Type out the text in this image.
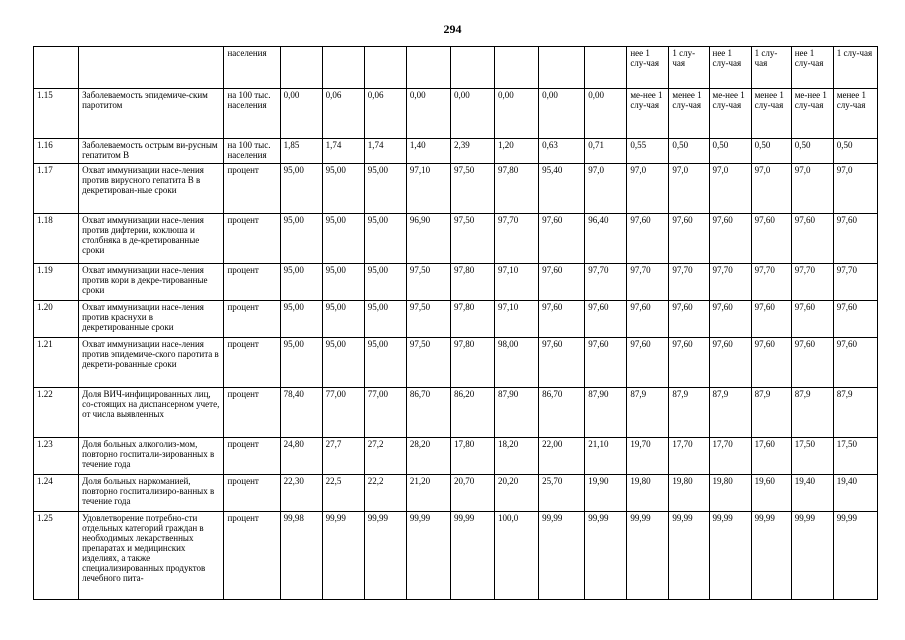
294
		населения									нее 1 слу-чая	1 слу-чая	нее 1 слу-чая	1 слу-чая	нее 1 слу-чая	1 слу-чая
1.15	Заболеваемость эпидемиче-ским паротитом	на 100 тыс. населения	0,00	0,06	0,06	0,00	0,00	0,00	0,00	0,00	ме-нее 1 слу-чая	менее 1 слу-чая	ме-нее 1 слу-чая	менее 1 слу-чая	ме-нее 1 слу-чая	менее 1 слу-чая
1.16	Заболеваемость острым ви-русным гепатитом В	на 100 тыс. населения	1,85	1,74	1,74	1,40	2,39	1,20	0,63	0,71	0,55	0,50	0,50	0,50	0,50	0,50
1.17	Охват иммунизации насе-ления против вирусного гепатита В в декретирован-ные сроки	процент	95,00	95,00	95,00	97,10	97,50	97,80	95,40	97,0	97,0	97,0	97,0	97,0	97,0	97,0
1.18	Охват иммунизации насе-ления против дифтерии, коклюша и столбняка в де-кретированные сроки	процент	95,00	95,00	95,00	96,90	97,50	97,70	97,60	96,40	97,60	97,60	97,60	97,60	97,60	97,60
1.19	Охват иммунизации насе-ления против кори в декре-тированные сроки	процент	95,00	95,00	95,00	97,50	97,80	97,10	97,60	97,70	97,70	97,70	97,70	97,70	97,70	97,70
1.20	Охват иммунизации насе-ления против краснухи в декретированные сроки	процент	95,00	95,00	95,00	97,50	97,80	97,10	97,60	97,60	97,60	97,60	97,60	97,60	97,60	97,60
1.21	Охват иммунизации насе-ления против эпидемиче-ского паротита в декрети-рованные сроки	процент	95,00	95,00	95,00	97,50	97,80	98,00	97,60	97,60	97,60	97,60	97,60	97,60	97,60	97,60
1.22	Доля ВИЧ-инфицированных лиц, со-стоящих на диспансерном учете, от числа выявленных	процент	78,40	77,00	77,00	86,70	86,20	87,90	86,70	87,90	87,9	87,9	87,9	87,9	87,9	87,9
1.23	Доля больных алкоголиз-мом, повторно госпитали-зированных в течение года	процент	24,80	27,7	27,2	28,20	17,80	18,20	22,00	21,10	19,70	17,70	17,70	17,60	17,50	17,50
1.24	Доля больных наркоманией, повторно госпитализиро-ванных в течение года	процент	22,30	22,5	22,2	21,20	20,70	20,20	25,70	19,90	19,80	19,80	19,80	19,60	19,40	19,40
1.25	Удовлетворение потребно-сти отдельных категорий граждан в необходимых лекарственных препаратах и медицинских изделиях, а также специализированных продуктов лечебного пита-	процент	99,98	99,99	99,99	99,99	99,99	100,0	99,99	99,99	99,99	99,99	99,99	99,99	99,99	99,99
